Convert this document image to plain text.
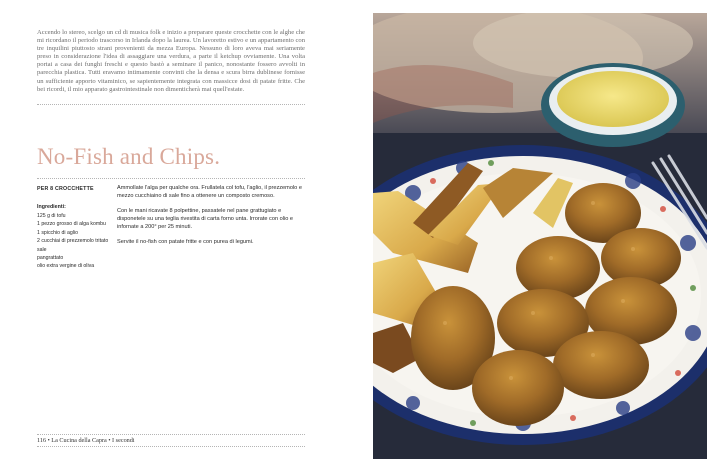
Accendo lo stereo, scelgo un cd di musica folk e inizio a preparare queste crocchette con le alghe che mi ricordano il periodo trascorso in Irlanda dopo la laurea. Un lavoretto estivo e un appartamento con tre inquilini piuttosto strani provenienti da mezza Europa. Nessuno di loro aveva mai seriamente preso in considerazione l'idea di assaggiare una verdura, a parte il ketchup ovviamente. Una volta portai a casa dei funghi freschi e questo bastò a seminare il panico, nonostante fossero avvolti in parecchia plastica. Tutti eravamo intimamente convinti che la densa e scura birra dublinese fornisse un sufficiente apporto vitaminico, se sapientemente integrata con massicce dosi di patate fritte. Che bei ricordi, il mio apparato gastrointestinale non dimenticherà mai quell'estate.

No-Fish and Chips.
PER 8 CROCCHETTE
Ingredienti:
125 g di tofu
1 pezzo grosso di alga kombu
1 spicchio di aglio
2 cucchiai di prezzemolo tritato
sale
pangrattato
olio extra vergine di oliva

Ammollate l'alga per qualche ora. Frullatela col tofu, l'aglio, il prezzemolo e mezzo cucchiaino di sale fino a ottenere un composto cremoso.

Con le mani ricavate 8 polpettine, passatele nel pane grattugiato e disponetele su una teglia rivestita di carta forno unta. Irrorate con olio e infornate a 200° per 25 minuti.

Servite il no-fish con patate fritte e con purea di legumi.

116 • La Cucina della Capra • I secondi
